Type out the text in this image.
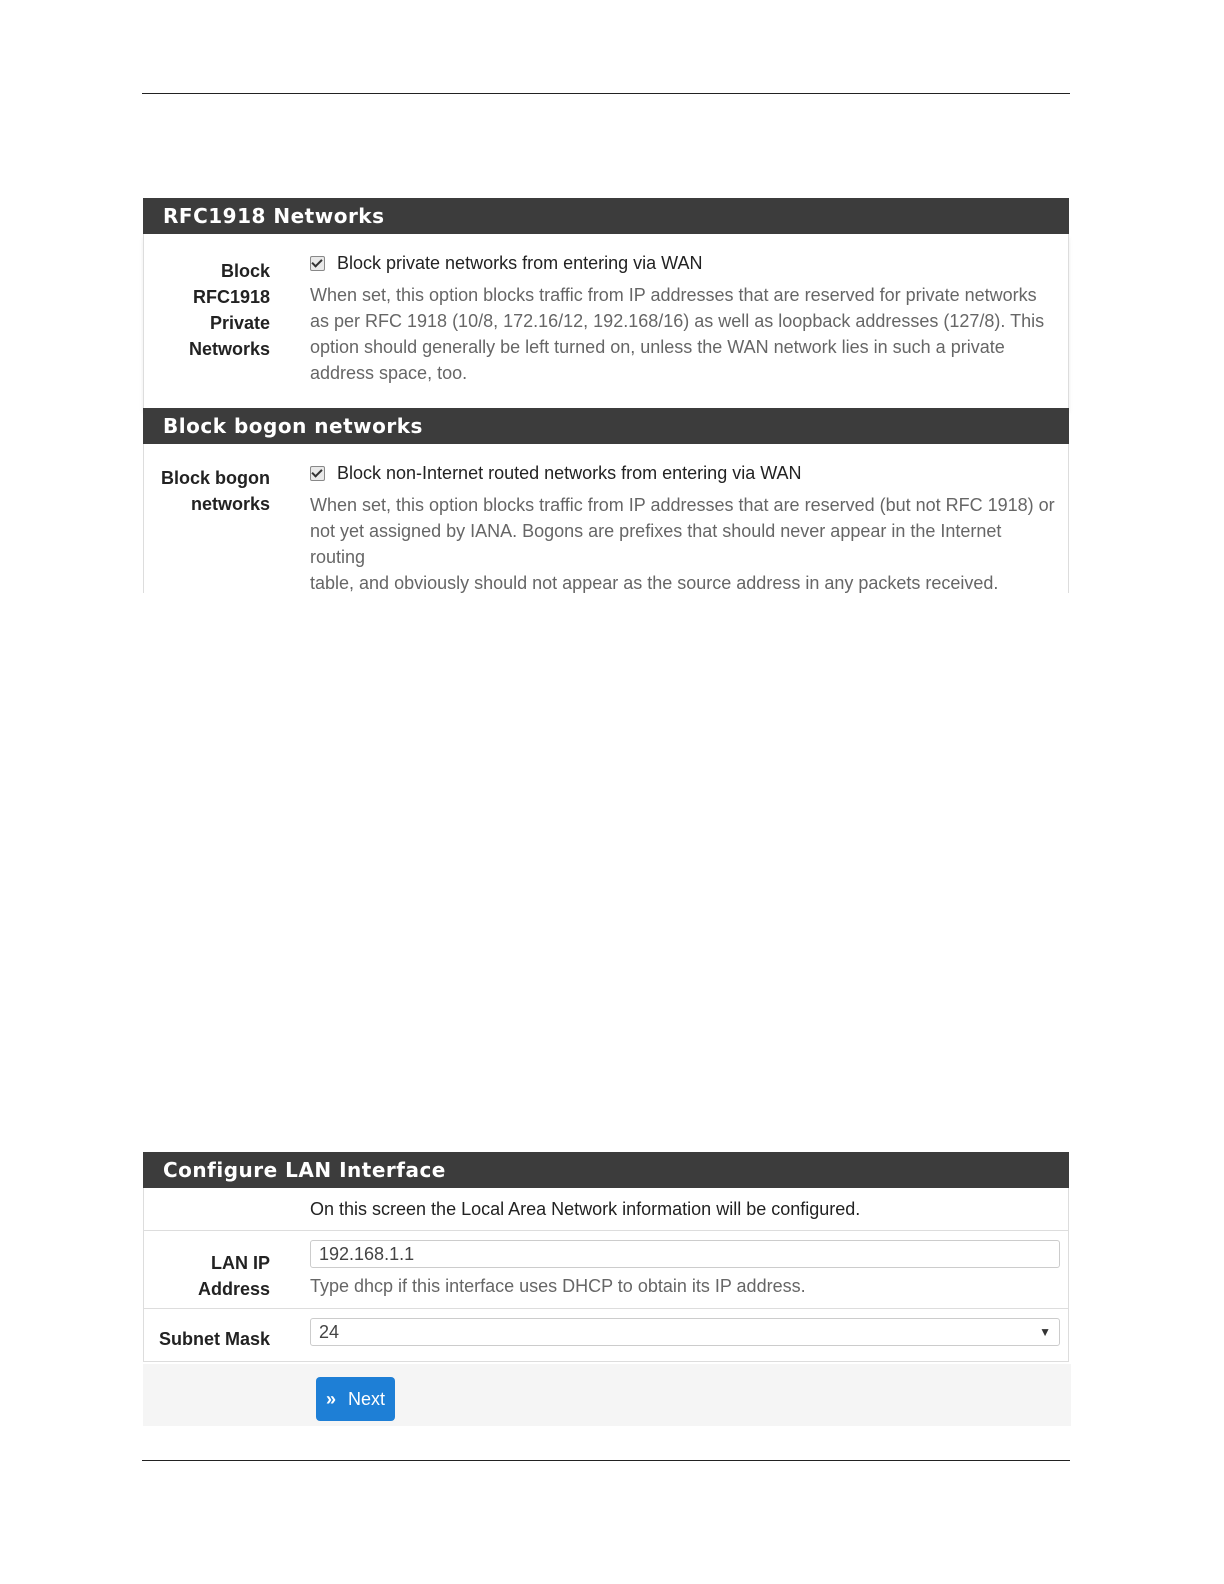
RFC1918 Networks
Block
RFC1918
Private
Networks
Block private networks from entering via WAN
When set, this option blocks traffic from IP addresses that are reserved for private networks
as per RFC 1918 (10/8, 172.16/12, 192.168/16) as well as loopback addresses (127/8). This
option should generally be left turned on, unless the WAN network lies in such a private
address space, too.
Block bogon networks
Block bogon
networks
Block non-Internet routed networks from entering via WAN
When set, this option blocks traffic from IP addresses that are reserved (but not RFC 1918) or
not yet assigned by IANA. Bogons are prefixes that should never appear in the Internet routing
table, and obviously should not appear as the source address in any packets received.
Configure LAN Interface
On this screen the Local Area Network information will be configured.
LAN IP
Address
192.168.1.1
Type dhcp if this interface uses DHCP to obtain its IP address.
Subnet Mask	24	▼
» Next
